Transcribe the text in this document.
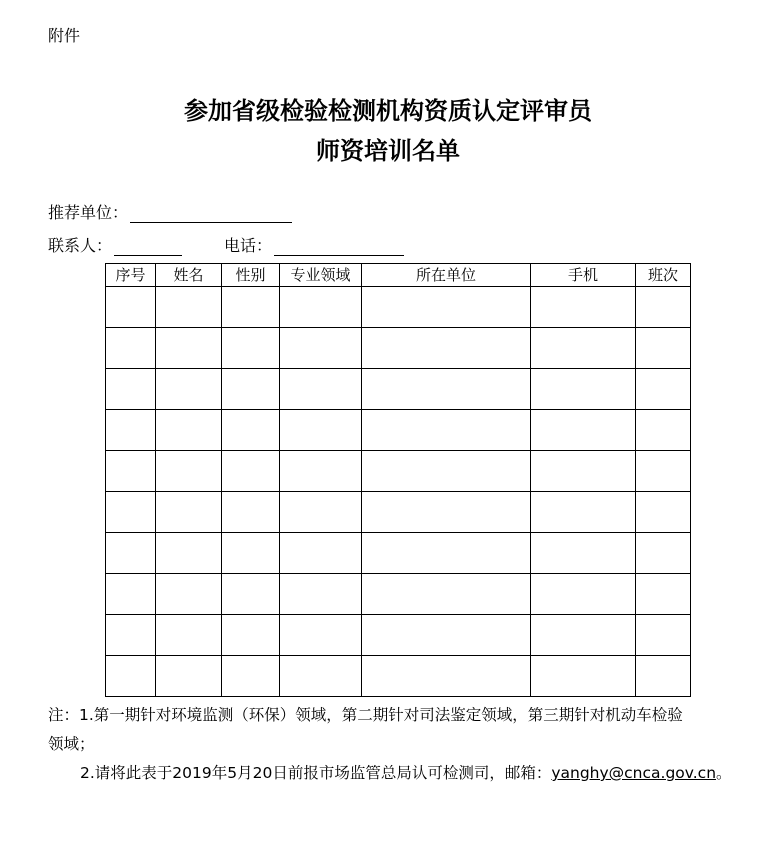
附件
参加省级检验检测机构资质认定评审员
师资培训名单
推荐单位：
联系人：	电话：
序号	姓名	性别	专业领域	所在单位	手机	班次

注：1.第一期针对环境监测（环保）领域，第二期针对司法鉴定领域，第三期针对机动车检验
领域；
2.请将此表于2019年5月20日前报市场监管总局认可检测司，邮箱：yanghy@cnca.gov.cn。
